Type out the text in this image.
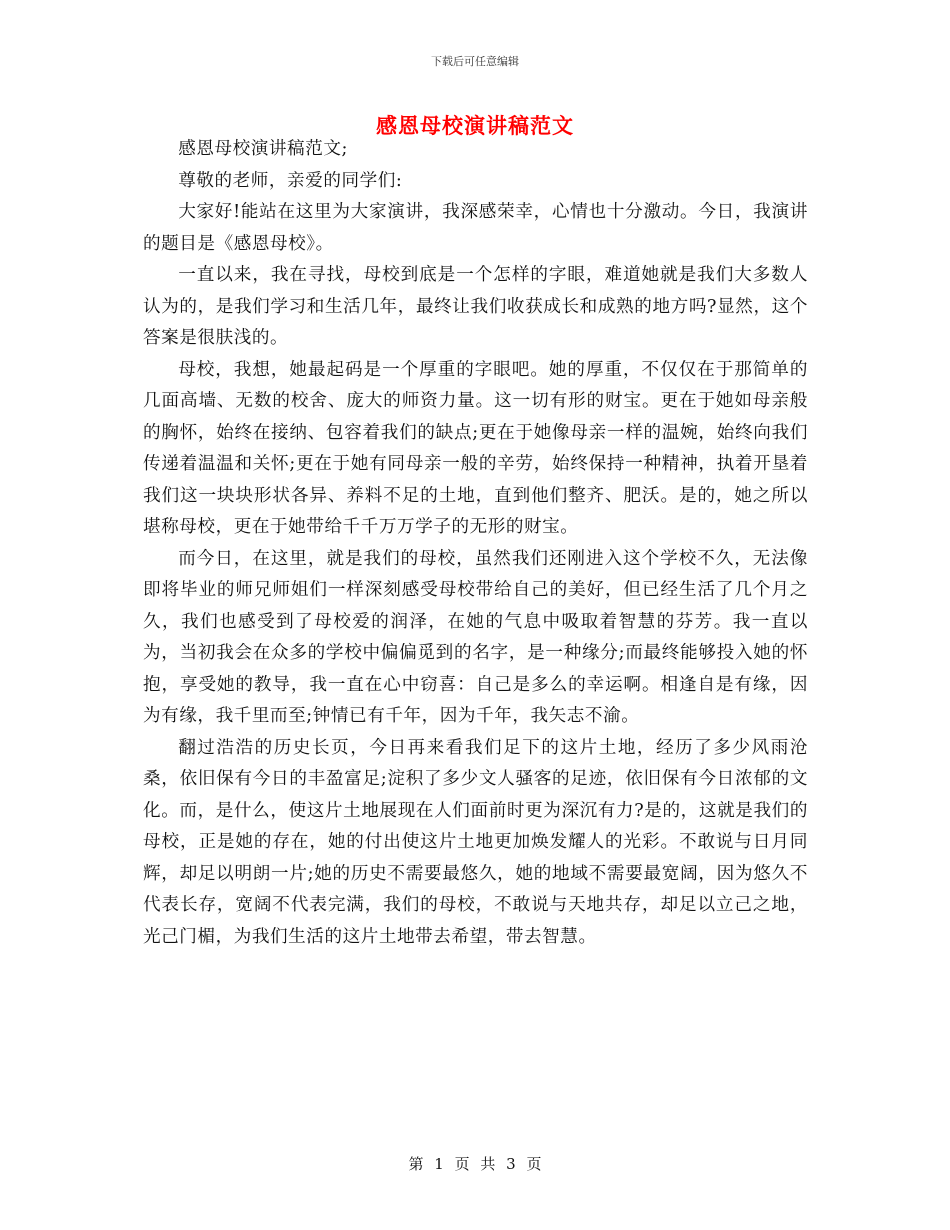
下载后可任意编辑
感恩母校演讲稿范文

感恩母校演讲稿范文;

尊敬的老师，亲爱的同学们:

大家好!能站在这里为大家演讲，我深感荣幸，心情也十分激动。今日，我演讲的题目是《感恩母校》。

一直以来，我在寻找，母校到底是一个怎样的字眼，难道她就是我们大多数人认为的，是我们学习和生活几年，最终让我们收获成长和成熟的地方吗?显然，这个答案是很肤浅的。

母校，我想，她最起码是一个厚重的字眼吧。她的厚重，不仅仅在于那简单的几面高墙、无数的校舍、庞大的师资力量。这一切有形的财宝。更在于她如母亲般的胸怀，始终在接纳、包容着我们的缺点;更在于她像母亲一样的温婉，始终向我们传递着温温和关怀;更在于她有同母亲一般的辛劳，始终保持一种精神，执着开垦着我们这一块块形状各异、养料不足的土地，直到他们整齐、肥沃。是的，她之所以堪称母校，更在于她带给千千万万学子的无形的财宝。

而今日，在这里，就是我们的母校，虽然我们还刚进入这个学校不久，无法像即将毕业的师兄师姐们一样深刻感受母校带给自己的美好，但已经生活了几个月之久，我们也感受到了母校爱的润泽，在她的气息中吸取着智慧的芬芳。我一直以为，当初我会在众多的学校中偏偏觅到的名字，是一种缘分;而最终能够投入她的怀抱，享受她的教导，我一直在心中窃喜：自己是多么的幸运啊。相逢自是有缘，因为有缘，我千里而至;钟情已有千年，因为千年，我矢志不渝。

翻过浩浩的历史长页，今日再来看我们足下的这片土地，经历了多少风雨沧桑，依旧保有今日的丰盈富足;淀积了多少文人骚客的足迹，依旧保有今日浓郁的文化。而，是什么，使这片土地展现在人们面前时更为深沉有力?是的，这就是我们的母校，正是她的存在，她的付出使这片土地更加焕发耀人的光彩。不敢说与日月同辉，却足以明朗一片;她的历史不需要最悠久，她的地域不需要最宽阔，因为悠久不代表长存，宽阔不代表完满，我们的母校，不敢说与天地共存，却足以立己之地，光己门楣，为我们生活的这片土地带去希望，带去智慧。

第 1 页 共 3 页
